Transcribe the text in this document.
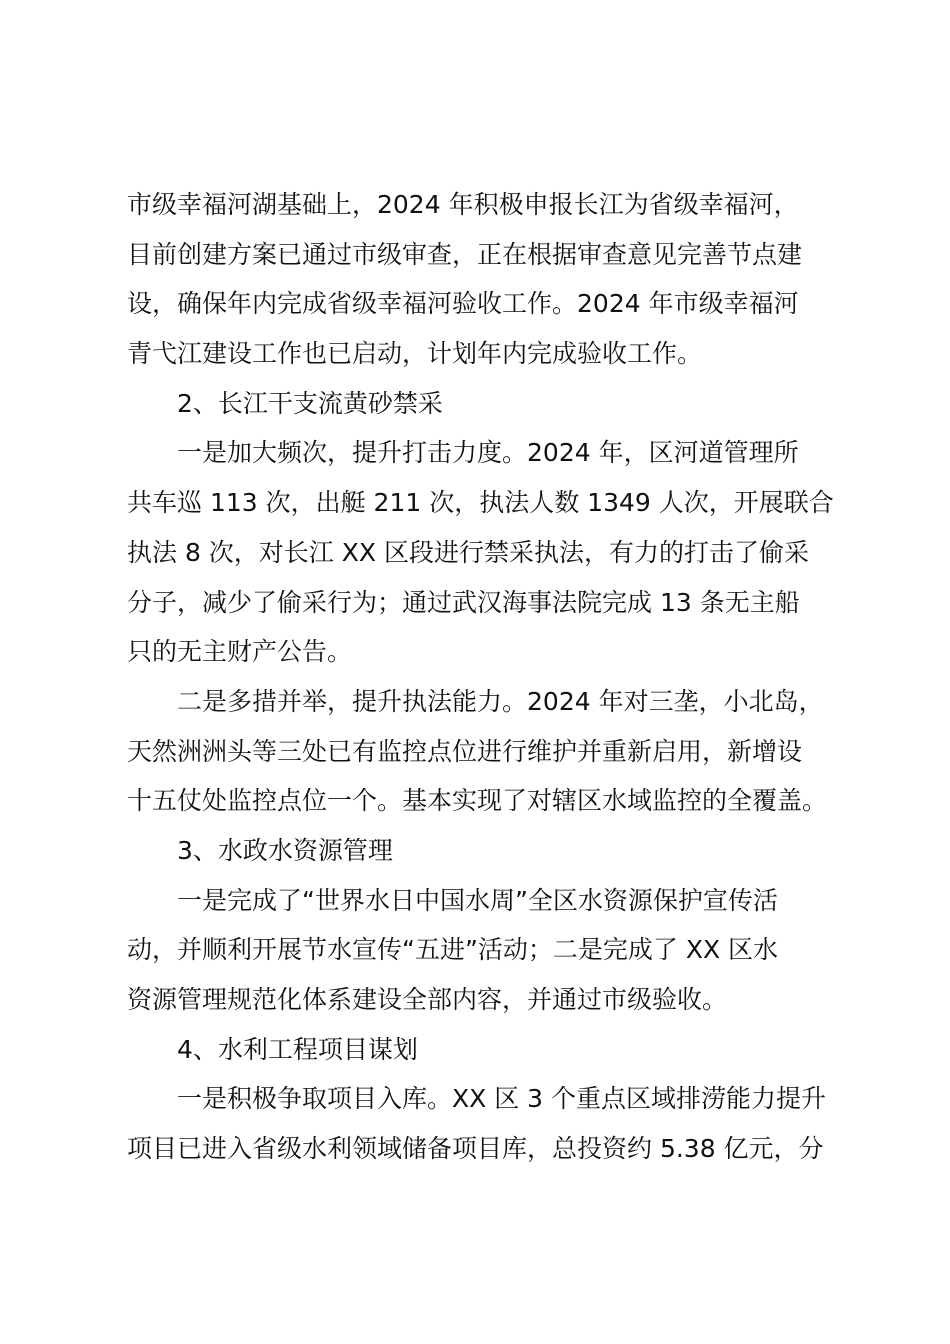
市级幸福河湖基础上，2024 年积极申报长江为省级幸福河，
目前创建方案已通过市级审查，正在根据审查意见完善节点建
设，确保年内完成省级幸福河验收工作。2024 年市级幸福河
青弋江建设工作也已启动，计划年内完成验收工作。
2、长江干支流黄砂禁采
一是加大频次，提升打击力度。2024 年，区河道管理所
共车巡 113 次，出艇 211 次，执法人数 1349 人次，开展联合
执法 8 次，对长江 XX 区段进行禁采执法，有力的打击了偷采
分子，减少了偷采行为；通过武汉海事法院完成 13 条无主船
只的无主财产公告。
二是多措并举，提升执法能力。2024 年对三垄，小北岛，
天然洲洲头等三处已有监控点位进行维护并重新启用，新增设
十五仗处监控点位一个。基本实现了对辖区水域监控的全覆盖。
3、水政水资源管理
一是完成了“世界水日中国水周”全区水资源保护宣传活
动，并顺利开展节水宣传“五进”活动；二是完成了 XX 区水
资源管理规范化体系建设全部内容，并通过市级验收。
4、水利工程项目谋划
一是积极争取项目入库。XX 区 3 个重点区域排涝能力提升
项目已进入省级水利领域储备项目库，总投资约 5.38 亿元，分
